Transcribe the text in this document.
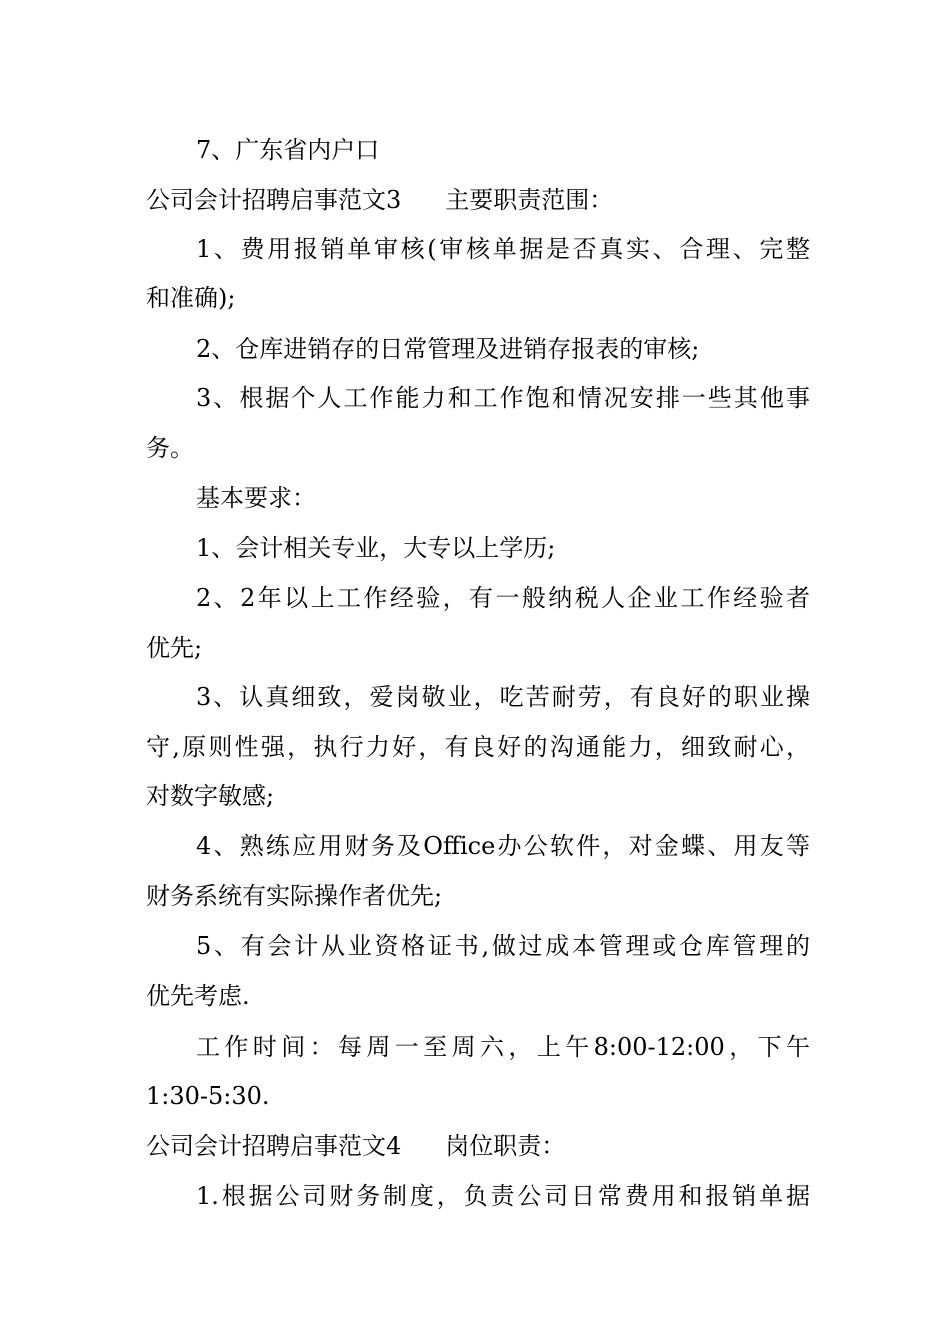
7、广东省内户口
公司会计招聘启事范文3 主要职责范围：
1、费用报销单审核(审核单据是否真实、合理、完整
和准确);
2、仓库进销存的日常管理及进销存报表的审核;
3、根据个人工作能力和工作饱和情况安排一些其他事
务。
基本要求：
1、会计相关专业，大专以上学历;
2、2年以上工作经验，有一般纳税人企业工作经验者
优先;
3、认真细致，爱岗敬业，吃苦耐劳，有良好的职业操
守,原则性强，执行力好，有良好的沟通能力，细致耐心，
对数字敏感;
4、熟练应用财务及Office办公软件，对金蝶、用友等
财务系统有实际操作者优先;
5、有会计从业资格证书,做过成本管理或仓库管理的
优先考虑.
工作时间：每周一至周六，上午8:00-12:00，下午
1:30-5:30.
公司会计招聘启事范文4 岗位职责：
1.根据公司财务制度，负责公司日常费用和报销单据
